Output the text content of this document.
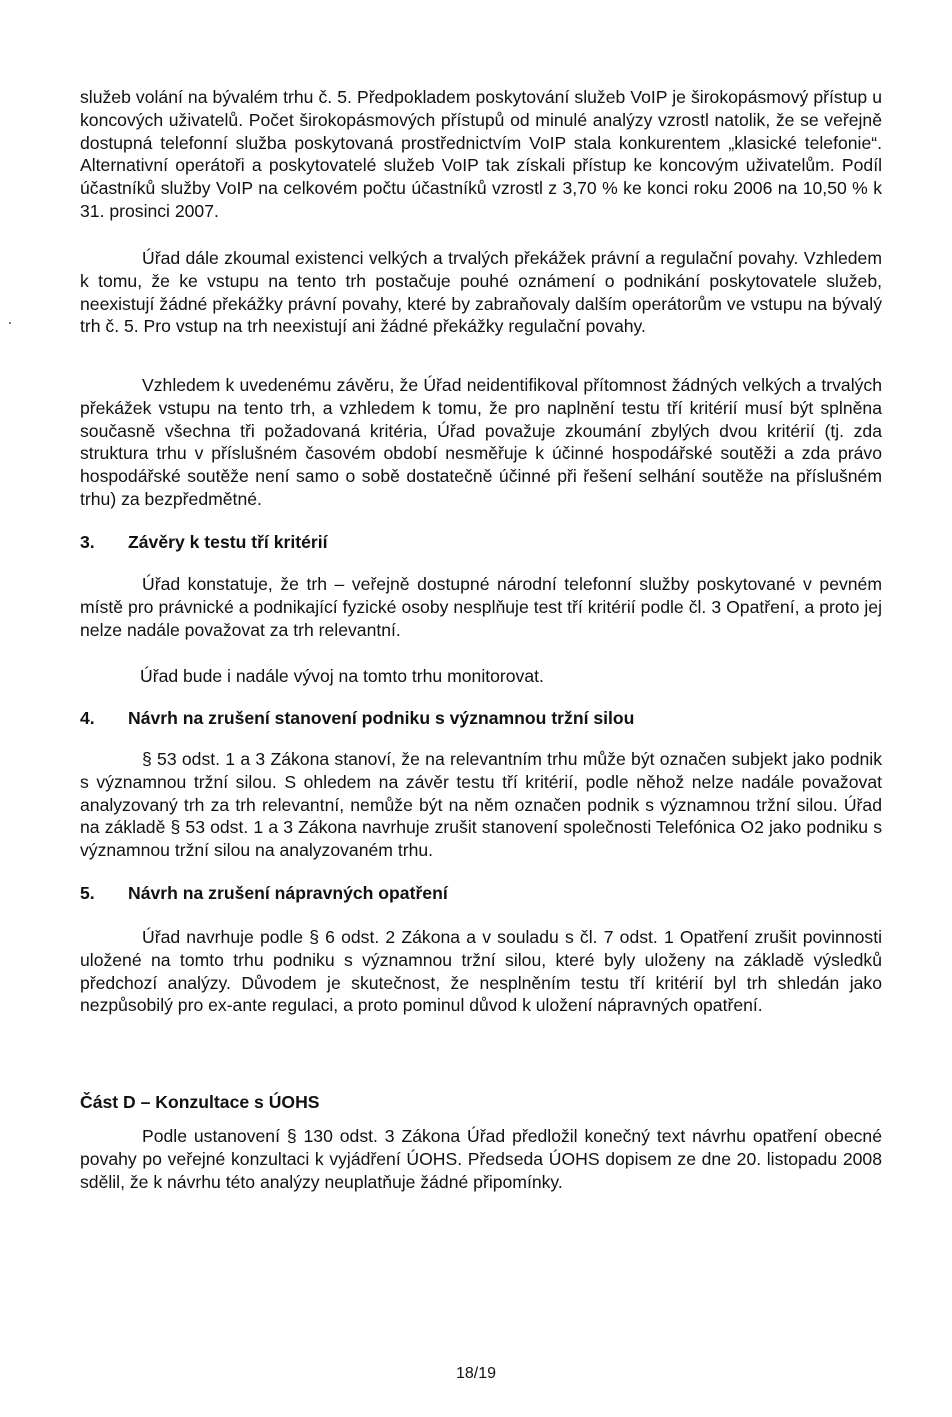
služeb volání na bývalém trhu č. 5. Předpokladem poskytování služeb VoIP je širokopásmový přístup u koncových uživatelů. Počet širokopásmových přístupů od minulé analýzy vzrostl natolik, že se veřejně dostupná telefonní služba poskytovaná prostřednictvím VoIP stala konkurentem „klasické telefonie“. Alternativní operátoři a poskytovatelé služeb VoIP tak získali přístup ke koncovým uživatelům. Podíl účastníků služby VoIP na celkovém počtu účastníků vzrostl z 3,70 % ke konci roku 2006 na 10,50 % k 31. prosinci 2007.

Úřad dále zkoumal existenci velkých a trvalých překážek právní a regulační povahy. Vzhledem k tomu, že ke vstupu na tento trh postačuje pouhé oznámení o podnikání poskytovatele služeb, neexistují žádné překážky právní povahy, které by zabraňovaly dalším operátorům ve vstupu na bývalý trh č. 5. Pro vstup na trh neexistují ani žádné překážky regulační povahy.

Vzhledem k uvedenému závěru, že Úřad neidentifikoval přítomnost žádných velkých a trvalých překážek vstupu na tento trh, a vzhledem k tomu, že pro naplnění testu tří kritérií musí být splněna současně všechna tři požadovaná kritéria, Úřad považuje zkoumání zbylých dvou kritérií (tj. zda struktura trhu v příslušném časovém období nesměřuje k účinné hospodářské soutěži a zda právo hospodářské soutěže není samo o sobě dostatečně účinné při řešení selhání soutěže na příslušném trhu) za bezpředmětné.

3. Závěry k testu tří kritérií

Úřad konstatuje, že trh – veřejně dostupné národní telefonní služby poskytované v pevném místě pro právnické a podnikající fyzické osoby nesplňuje test tří kritérií podle čl. 3 Opatření, a proto jej nelze nadále považovat za trh relevantní.

Úřad bude i nadále vývoj na tomto trhu monitorovat.

4. Návrh na zrušení stanovení podniku s významnou tržní silou

§ 53 odst. 1 a 3 Zákona stanoví, že na relevantním trhu může být označen subjekt jako podnik s významnou tržní silou. S ohledem na závěr testu tří kritérií, podle něhož nelze nadále považovat analyzovaný trh za trh relevantní, nemůže být na něm označen podnik s významnou tržní silou. Úřad na základě § 53 odst. 1 a 3 Zákona navrhuje zrušit stanovení společnosti Telefónica O2 jako podniku s významnou tržní silou na analyzovaném trhu.

5. Návrh na zrušení nápravných opatření

Úřad navrhuje podle § 6 odst. 2 Zákona a v souladu s čl. 7 odst. 1 Opatření zrušit povinnosti uložené na tomto trhu podniku s významnou tržní silou, které byly uloženy na základě výsledků předchozí analýzy. Důvodem je skutečnost, že nesplněním testu tří kritérií byl trh shledán jako nezpůsobilý pro ex-ante regulaci, a proto pominul důvod k uložení nápravných opatření.

Část D – Konzultace s ÚOHS

Podle ustanovení § 130 odst. 3 Zákona Úřad předložil konečný text návrhu opatření obecné povahy po veřejné konzultaci k vyjádření ÚOHS. Předseda ÚOHS dopisem ze dne 20. listopadu 2008 sdělil, že k návrhu této analýzy neuplatňuje žádné připomínky.

18/19
